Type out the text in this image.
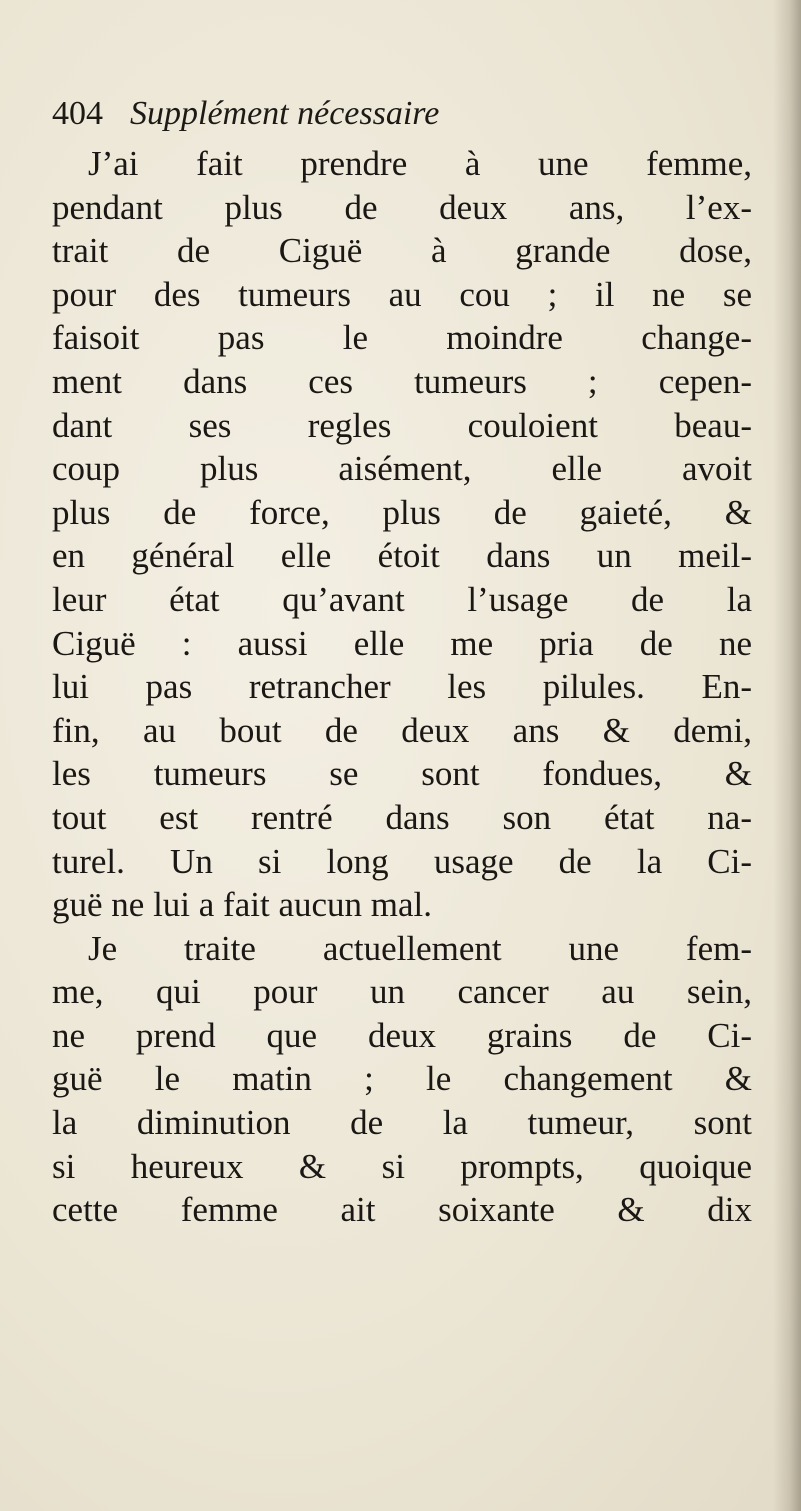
404 Supplément nécessaire
J’ai fait prendre à une femme,
pendant plus de deux ans, l’ex-
trait de Ciguë à grande dose,
pour des tumeurs au cou ; il ne se
faisoit pas le moindre change-
ment dans ces tumeurs ; cepen-
dant ses regles couloient beau-
coup plus aisément, elle avoit
plus de force, plus de gaieté, &
en général elle étoit dans un meil-
leur état qu’avant l’usage de la
Ciguë : aussi elle me pria de ne
lui pas retrancher les pilules. En-
fin, au bout de deux ans & demi,
les tumeurs se sont fondues, &
tout est rentré dans son état na-
turel. Un si long usage de la Ci-
guë ne lui a fait aucun mal.
Je traite actuellement une fem-
me, qui pour un cancer au sein,
ne prend que deux grains de Ci-
guë le matin ; le changement &
la diminution de la tumeur, sont
si heureux & si prompts, quoique
cette femme ait soixante & dix
